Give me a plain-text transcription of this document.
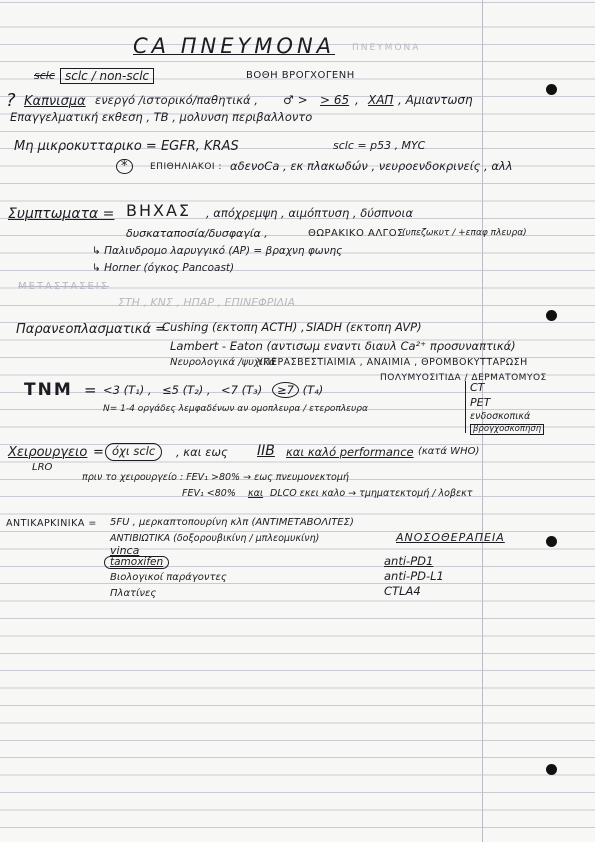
CA ΠΝΕΥΜΟΝΑ ΠΝΕΥΜΟΝΑ
sclc sclc / non-sclc	ΒΟΘΗ ΒΡΟΓΧΟΓΕΝΗ
? Καπνισμα ενεργό /ιστορικό/παθητικά , ♂ > > 65 , ΧΑΠ , Αμιαντωση
Επαγγελματική εκθεση , TB , μολυνση περιβαλλοντο
Μη μικροκυτταρικο = EGFR, KRAS	sclc = p53 , MYC
*	ΕΠΙΘΗΛΙΑΚΟΙ : αδενοCa , εκ πλακωδών , νευροενδοκρινείς , αλλ
Συμπτωματα = ΒΗΧΑΣ , απόχρεμψη , αιμόπτυση , δύσπνοια
δυσκαταποσία/δυσφαγία ,	ΘΩΡΑΚΙΚΟ ΑΛΓΟΣ
(υπεζωκυτ / +επαφ πλευρα)
↳ Παλινδρομο λαρυγγικό (ΑΡ) = βραχνη φωνης
↳ Horner (όγκος Pancoast)
ΜΕΤΑΣΤΑΣΕΙΣ
ΣΤΗ , ΚΝΣ , ΗΠΑΡ , ΕΠΙΝΕΦΡΙΔΙΑ
Παρανεοπλασματικά =
Cushing (εκτοπη ACTH) , SIADH (εκτοπη AVP)
Lambert - Eaton (αντισωμ εναντι διαυλ Ca²⁺ προσυναπτικά)
Νευρολογικά /ψυχικά
ΥΠΕΡΑΣΒΕΣΤΙΑΙΜΙΑ , ΑΝΑΙΜΙΑ , ΘΡΟΜΒΟΚΥΤΤΑΡΩΣΗ
ΠΟΛΥΜΥΟΣΙΤΙΔΑ / ΔΕΡΜΑΤΟΜΥΟΣ
TNM = <3 (T₁) , ≤5 (T₂) , <7 (T₃)	≥7 (T₄)
N= 1-4 οργάδες λεμφαδένων αν ομοπλευρα / ετεροπλευρα
CT
PET
ενδοσκοπικά
βρογχοσκοπηση
Χειρουργειο = όχι sclc	, και εως IIB και καλό performance (κατά WHO)
LRO
πριν το χειρουργείο : FEV₁ >80% → εως πνευμονεκτομή
FEV₁ <80% και DLCO εκει καλο → τμηματεκτομή / λοβεκτ
ΑΝΤΙΚΑΡΚΙΝΙΚΑ = 5FU , μερκαπτοπουρίνη κλπ (ΑΝΤΙΜΕΤΑΒΟΛΙΤΕΣ)
ΑΝΤΙΒΙΩΤΙΚΑ (δοξορουβικίνη / μπλεομυκίνη)
vinca
tamoxifen
Βιολογικοί παράγοντες
Πλατίνες
ΑΝΟΣΟΘΕΡΑΠΕΙΑ
anti-PD1
anti-PD-L1
CTLA4
